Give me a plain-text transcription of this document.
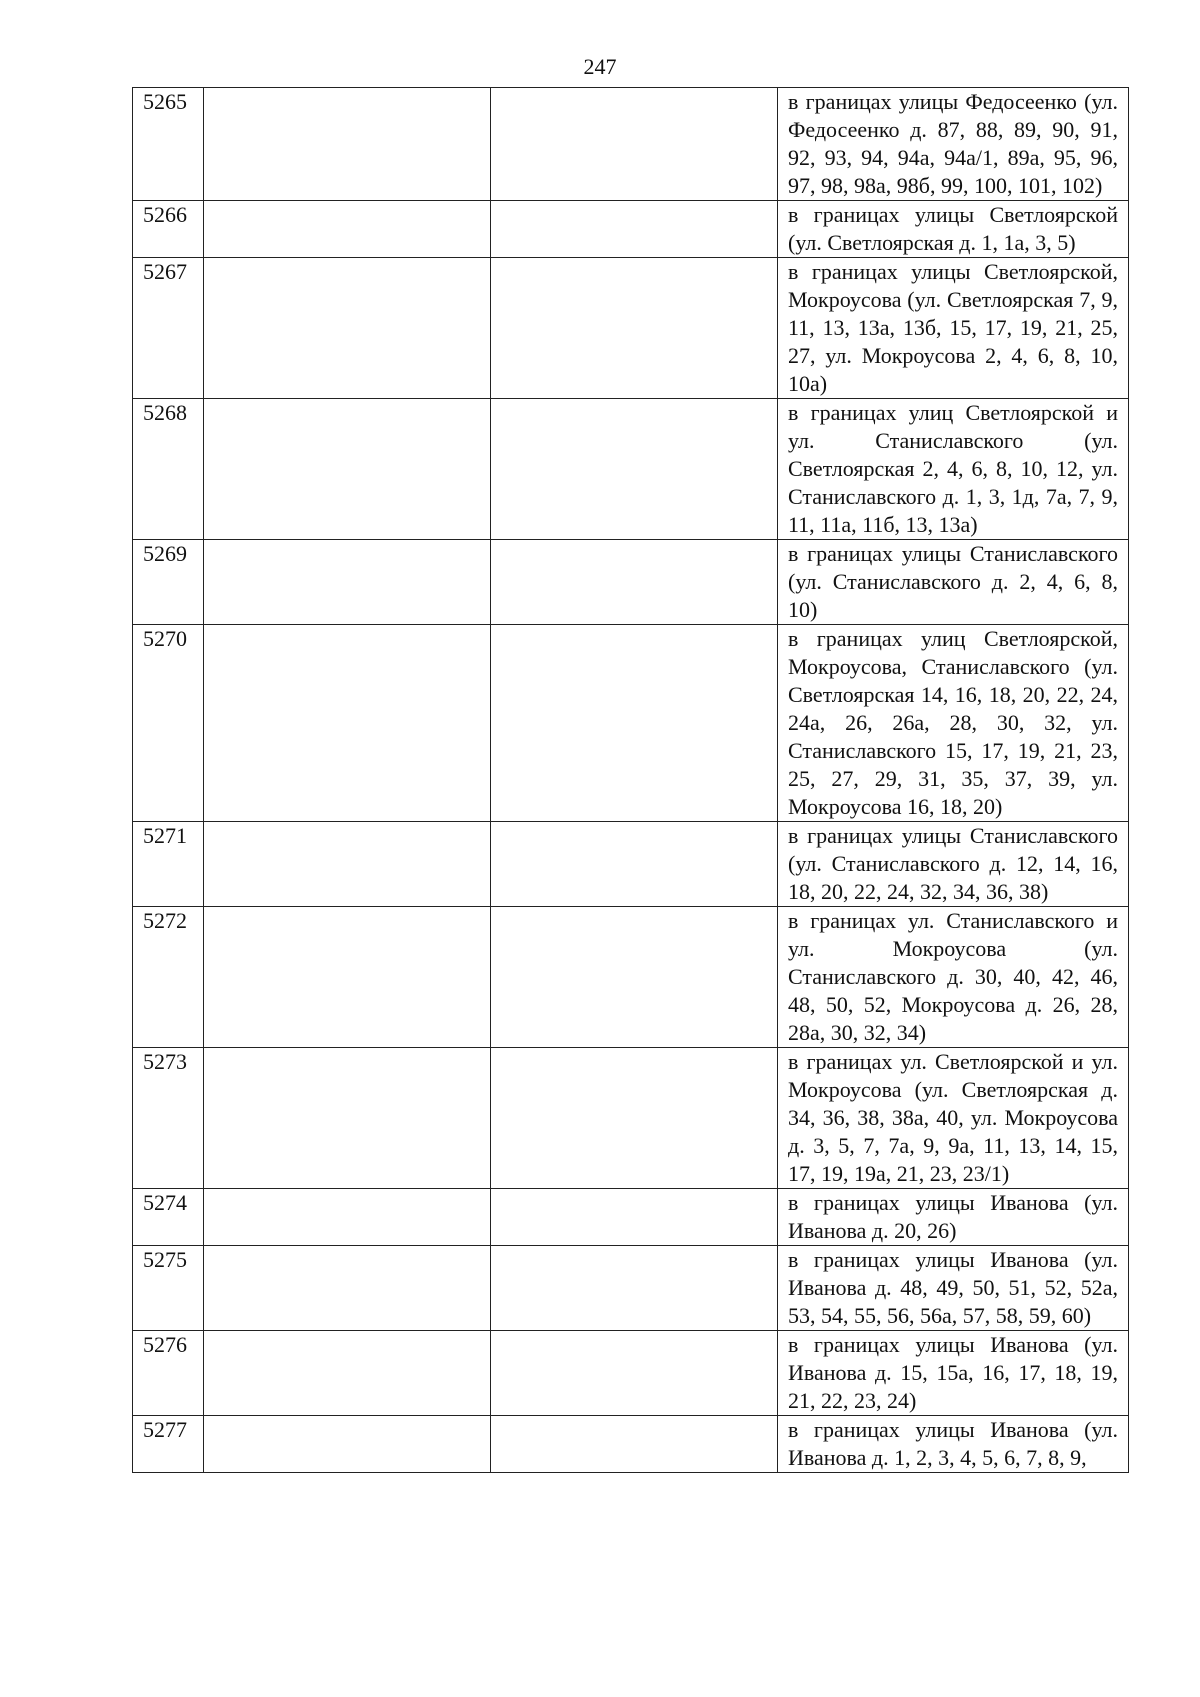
247
5265			в границах улицы Федосеенко (ул. Федосеенко д. 87, 88, 89, 90, 91, 92, 93, 94, 94а, 94а/1, 89а, 95, 96, 97, 98, 98а, 98б, 99, 100, 101, 102)
5266			в границах улицы Светлоярской (ул. Светлоярская д. 1, 1а, 3, 5)
5267			в границах улицы Светлоярской, Мокроусова (ул. Светлоярская 7, 9, 11, 13, 13а, 13б, 15, 17, 19, 21, 25, 27, ул. Мокроусова 2, 4, 6, 8, 10, 10а)
5268			в границах улиц Светлоярской и ул. Станиславского (ул. Светлоярская 2, 4, 6, 8, 10, 12, ул. Станиславского д. 1, 3, 1д, 7а, 7, 9, 11, 11а, 11б, 13, 13а)
5269			в границах улицы Станиславского (ул. Станиславского д. 2, 4, 6, 8, 10)
5270			в границах улиц Светлоярской, Мокроусова, Станиславского (ул. Светлоярская 14, 16, 18, 20, 22, 24, 24а, 26, 26а, 28, 30, 32, ул. Станиславского 15, 17, 19, 21, 23, 25, 27, 29, 31, 35, 37, 39, ул. Мокроусова 16, 18, 20)
5271			в границах улицы Станиславского (ул. Станиславского д. 12, 14, 16, 18, 20, 22, 24, 32, 34, 36, 38)
5272			в границах ул. Станиславского и ул. Мокроусова (ул. Станиславского д. 30, 40, 42, 46, 48, 50, 52, Мокроусова д. 26, 28, 28а, 30, 32, 34)
5273			в границах ул. Светлоярской и ул. Мокроусова (ул. Светлоярская д. 34, 36, 38, 38а, 40, ул. Мокроусова д. 3, 5, 7, 7а, 9, 9а, 11, 13, 14, 15, 17, 19, 19а, 21, 23, 23/1)
5274			в границах улицы Иванова (ул. Иванова д. 20, 26)
5275			в границах улицы Иванова (ул. Иванова д. 48, 49, 50, 51, 52, 52а, 53, 54, 55, 56, 56а, 57, 58, 59, 60)
5276			в границах улицы Иванова (ул. Иванова д. 15, 15а, 16, 17, 18, 19, 21, 22, 23, 24)
5277			в границах улицы Иванова (ул. Иванова д. 1, 2, 3, 4, 5, 6, 7, 8, 9,
